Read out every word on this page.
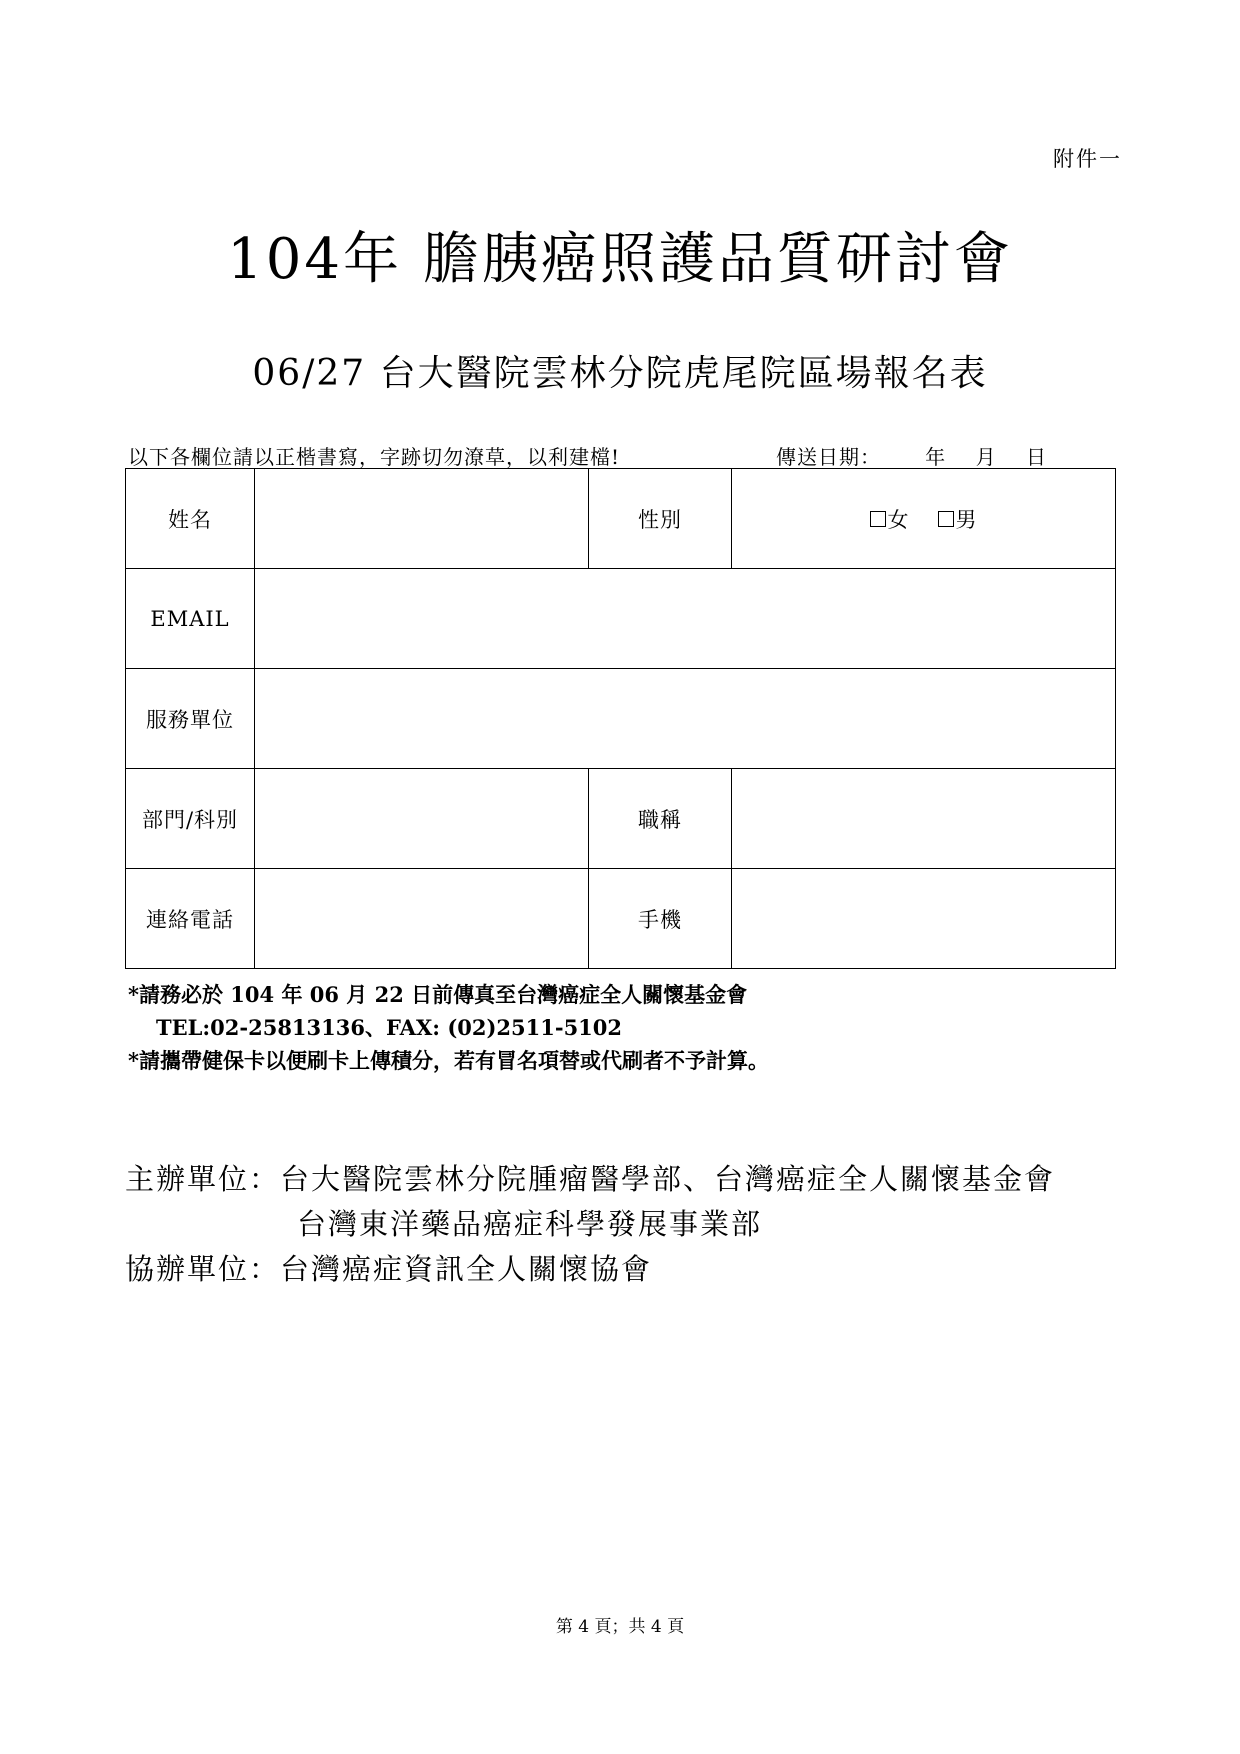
附件一
104年 膽胰癌照護品質研討會
06/27 台大醫院雲林分院虎尾院區場報名表
以下各欄位請以正楷書寫，字跡切勿潦草，以利建檔!	傳送日期： 年 月 日
姓名		性別	女 男
EMAIL			
服務單位			
部門/科別		職稱	
連絡電話		手機	
*請務必於 104 年 06 月 22 日前傳真至台灣癌症全人關懷基金會
TEL:02-25813136、FAX: (02)2511-5102
*請攜帶健保卡以便刷卡上傳積分，若有冒名項替或代刷者不予計算。
主辦單位：台大醫院雲林分院腫瘤醫學部、台灣癌症全人關懷基金會
台灣東洋藥品癌症科學發展事業部
協辦單位：台灣癌症資訊全人關懷協會
第 4 頁；共 4 頁
